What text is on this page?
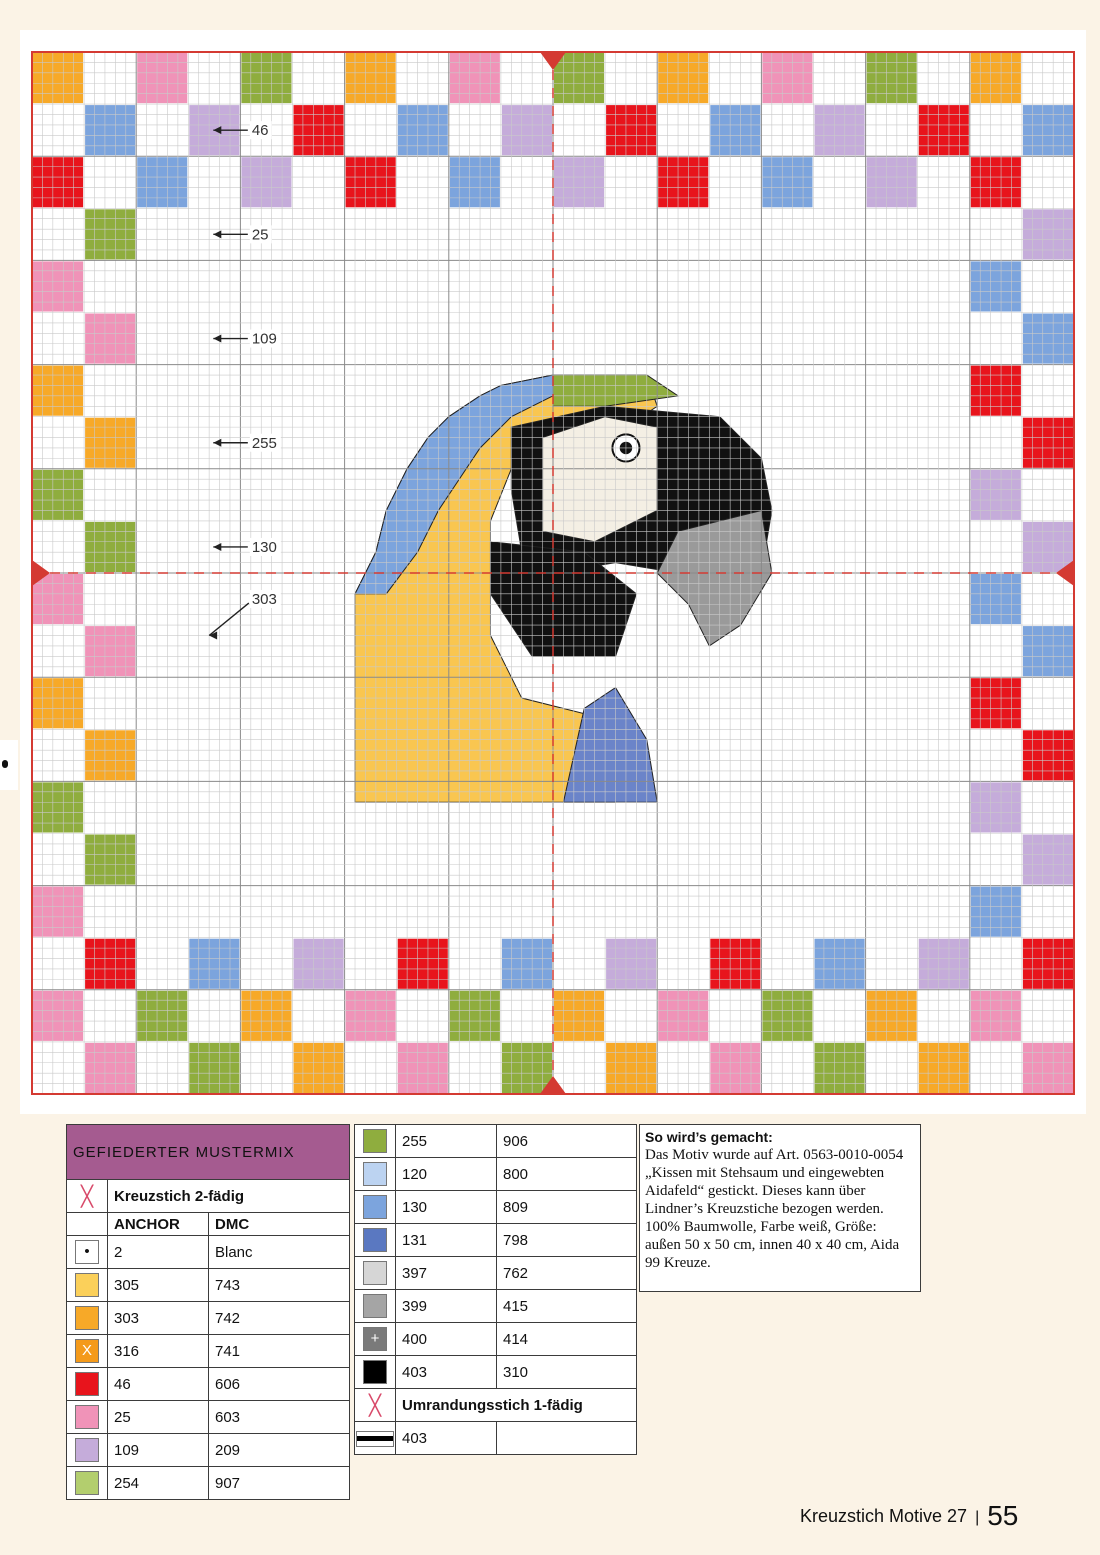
46
25
109
255
130
303
GEFIEDERTER MUSTERMIX		
╳	Kreuzstich 2-fädig	
	ANCHOR	DMC

•	2	Blanc

	305	743

	303	742

X	316	741

	46	606

	25	603

	109	209

	254	907
	255	906

	120	800

	130	809

	131	798

	397	762

	399	415

+	400	414

	403	310
╳	Umrandungsstich 1-fädig	

	403	
So wird’s gemacht:
Das Motiv wurde auf Art. 0563-0010-0054 „Kissen mit Stehsaum und eingewebten Aidafeld“ gestickt. Dieses kann über Lindner’s Kreuzstiche bezogen werden. 100% Baumwolle, Farbe weiß, Größe: außen 50 x 50 cm, innen 40 x 40 cm, Aida 99 Kreuze.
Kreuzstich Motive 27 | 55
